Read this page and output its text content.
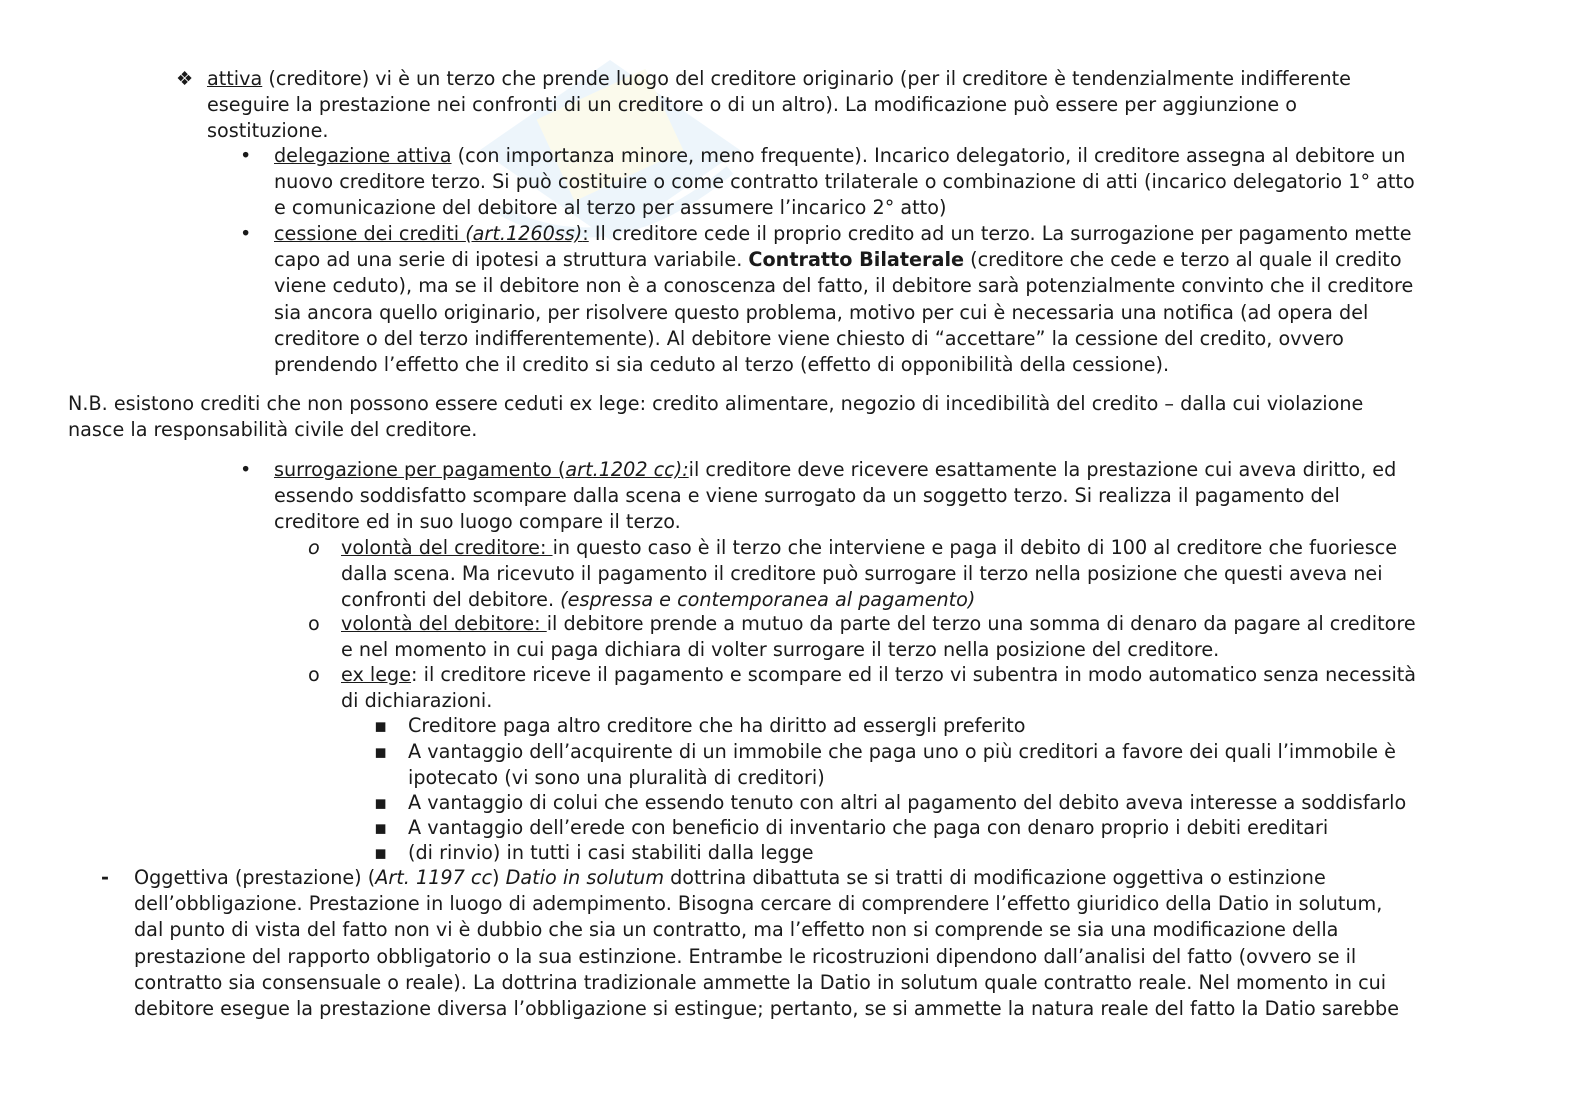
❖ attiva (creditore) vi è un terzo che prende luogo del creditore originario (per il creditore è tendenzialmente indifferente
eseguire la prestazione nei confronti di un creditore o di un altro). La modificazione può essere per aggiunzione o
sostituzione.
• delegazione attiva (con importanza minore, meno frequente). Incarico delegatorio, il creditore assegna al debitore un
nuovo creditore terzo. Si può costituire o come contratto trilaterale o combinazione di atti (incarico delegatorio 1° atto
e comunicazione del debitore al terzo per assumere l’incarico 2° atto)
• cessione dei crediti (art.1260ss): Il creditore cede il proprio credito ad un terzo. La surrogazione per pagamento mette
capo ad una serie di ipotesi a struttura variabile. Contratto Bilaterale (creditore che cede e terzo al quale il credito
viene ceduto), ma se il debitore non è a conoscenza del fatto, il debitore sarà potenzialmente convinto che il creditore
sia ancora quello originario, per risolvere questo problema, motivo per cui è necessaria una notifica (ad opera del
creditore o del terzo indifferentemente). Al debitore viene chiesto di “accettare” la cessione del credito, ovvero
prendendo l’effetto che il credito si sia ceduto al terzo (effetto di opponibilità della cessione).
N.B. esistono crediti che non possono essere ceduti ex lege: credito alimentare, negozio di incedibilità del credito – dalla cui violazione
nasce la responsabilità civile del creditore.
• surrogazione per pagamento (art.1202 cc):il creditore deve ricevere esattamente la prestazione cui aveva diritto, ed
essendo soddisfatto scompare dalla scena e viene surrogato da un soggetto terzo. Si realizza il pagamento del
creditore ed in suo luogo compare il terzo.
o volontà del creditore: in questo caso è il terzo che interviene e paga il debito di 100 al creditore che fuoriesce
dalla scena. Ma ricevuto il pagamento il creditore può surrogare il terzo nella posizione che questi aveva nei
confronti del debitore. (espressa e contemporanea al pagamento)
o volontà del debitore: il debitore prende a mutuo da parte del terzo una somma di denaro da pagare al creditore
e nel momento in cui paga dichiara di volter surrogare il terzo nella posizione del creditore.
o ex lege: il creditore riceve il pagamento e scompare ed il terzo vi subentra in modo automatico senza necessità
di dichiarazioni.
▪ Creditore paga altro creditore che ha diritto ad essergli preferito
▪ A vantaggio dell’acquirente di un immobile che paga uno o più creditori a favore dei quali l’immobile è
ipotecato (vi sono una pluralità di creditori)
▪ A vantaggio di colui che essendo tenuto con altri al pagamento del debito aveva interesse a soddisfarlo
▪ A vantaggio dell’erede con beneficio di inventario che paga con denaro proprio i debiti ereditari
▪ (di rinvio) in tutti i casi stabiliti dalla legge
- Oggettiva (prestazione) (Art. 1197 cc) Datio in solutum dottrina dibattuta se si tratti di modificazione oggettiva o estinzione
dell’obbligazione. Prestazione in luogo di adempimento. Bisogna cercare di comprendere l’effetto giuridico della Datio in solutum,
dal punto di vista del fatto non vi è dubbio che sia un contratto, ma l’effetto non si comprende se sia una modificazione della
prestazione del rapporto obbligatorio o la sua estinzione. Entrambe le ricostruzioni dipendono dall’analisi del fatto (ovvero se il
contratto sia consensuale o reale). La dottrina tradizionale ammette la Datio in solutum quale contratto reale. Nel momento in cui
debitore esegue la prestazione diversa l’obbligazione si estingue; pertanto, se si ammette la natura reale del fatto la Datio sarebbe
